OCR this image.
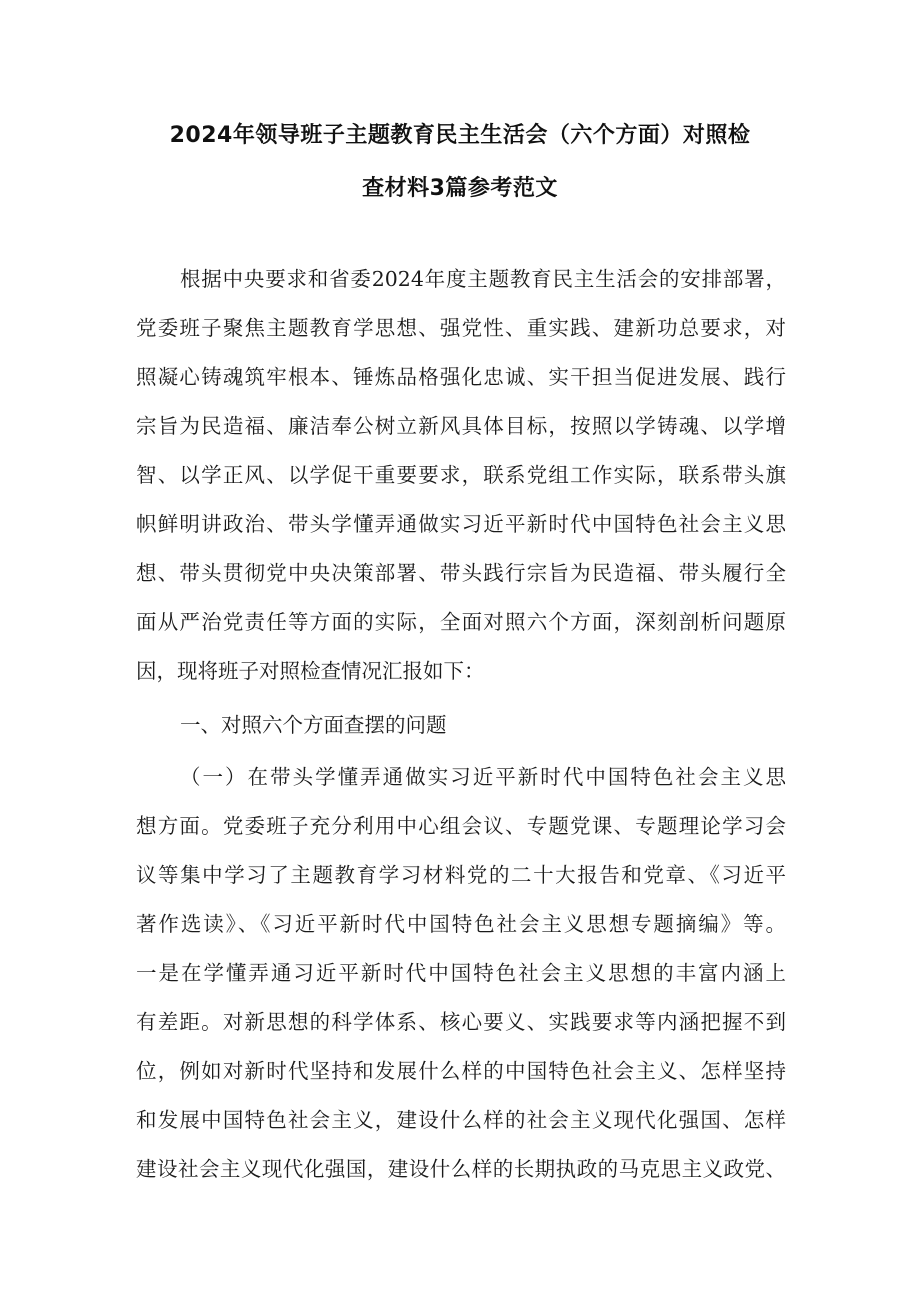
2024年领导班子主题教育民主生活会（六个方面）对照检
查材料3篇参考范文
根据中央要求和省委2024年度主题教育民主生活会的安排部署，
党委班子聚焦主题教育学思想、强党性、重实践、建新功总要求，对
照凝心铸魂筑牢根本、锤炼品格强化忠诚、实干担当促进发展、践行
宗旨为民造福、廉洁奉公树立新风具体目标，按照以学铸魂、以学增
智、以学正风、以学促干重要要求，联系党组工作实际，联系带头旗
帜鲜明讲政治、带头学懂弄通做实习近平新时代中国特色社会主义思
想、带头贯彻党中央决策部署、带头践行宗旨为民造福、带头履行全
面从严治党责任等方面的实际，全面对照六个方面，深刻剖析问题原
因，现将班子对照检查情况汇报如下：
一、对照六个方面查摆的问题
（一）在带头学懂弄通做实习近平新时代中国特色社会主义思
想方面。党委班子充分利用中心组会议、专题党课、专题理论学习会
议等集中学习了主题教育学习材料党的二十大报告和党章、《习近平
著作选读》、《习近平新时代中国特色社会主义思想专题摘编》等。
一是在学懂弄通习近平新时代中国特色社会主义思想的丰富内涵上
有差距。对新思想的科学体系、核心要义、实践要求等内涵把握不到
位，例如对新时代坚持和发展什么样的中国特色社会主义、怎样坚持
和发展中国特色社会主义，建设什么样的社会主义现代化强国、怎样
建设社会主义现代化强国，建设什么样的长期执政的马克思主义政党、
